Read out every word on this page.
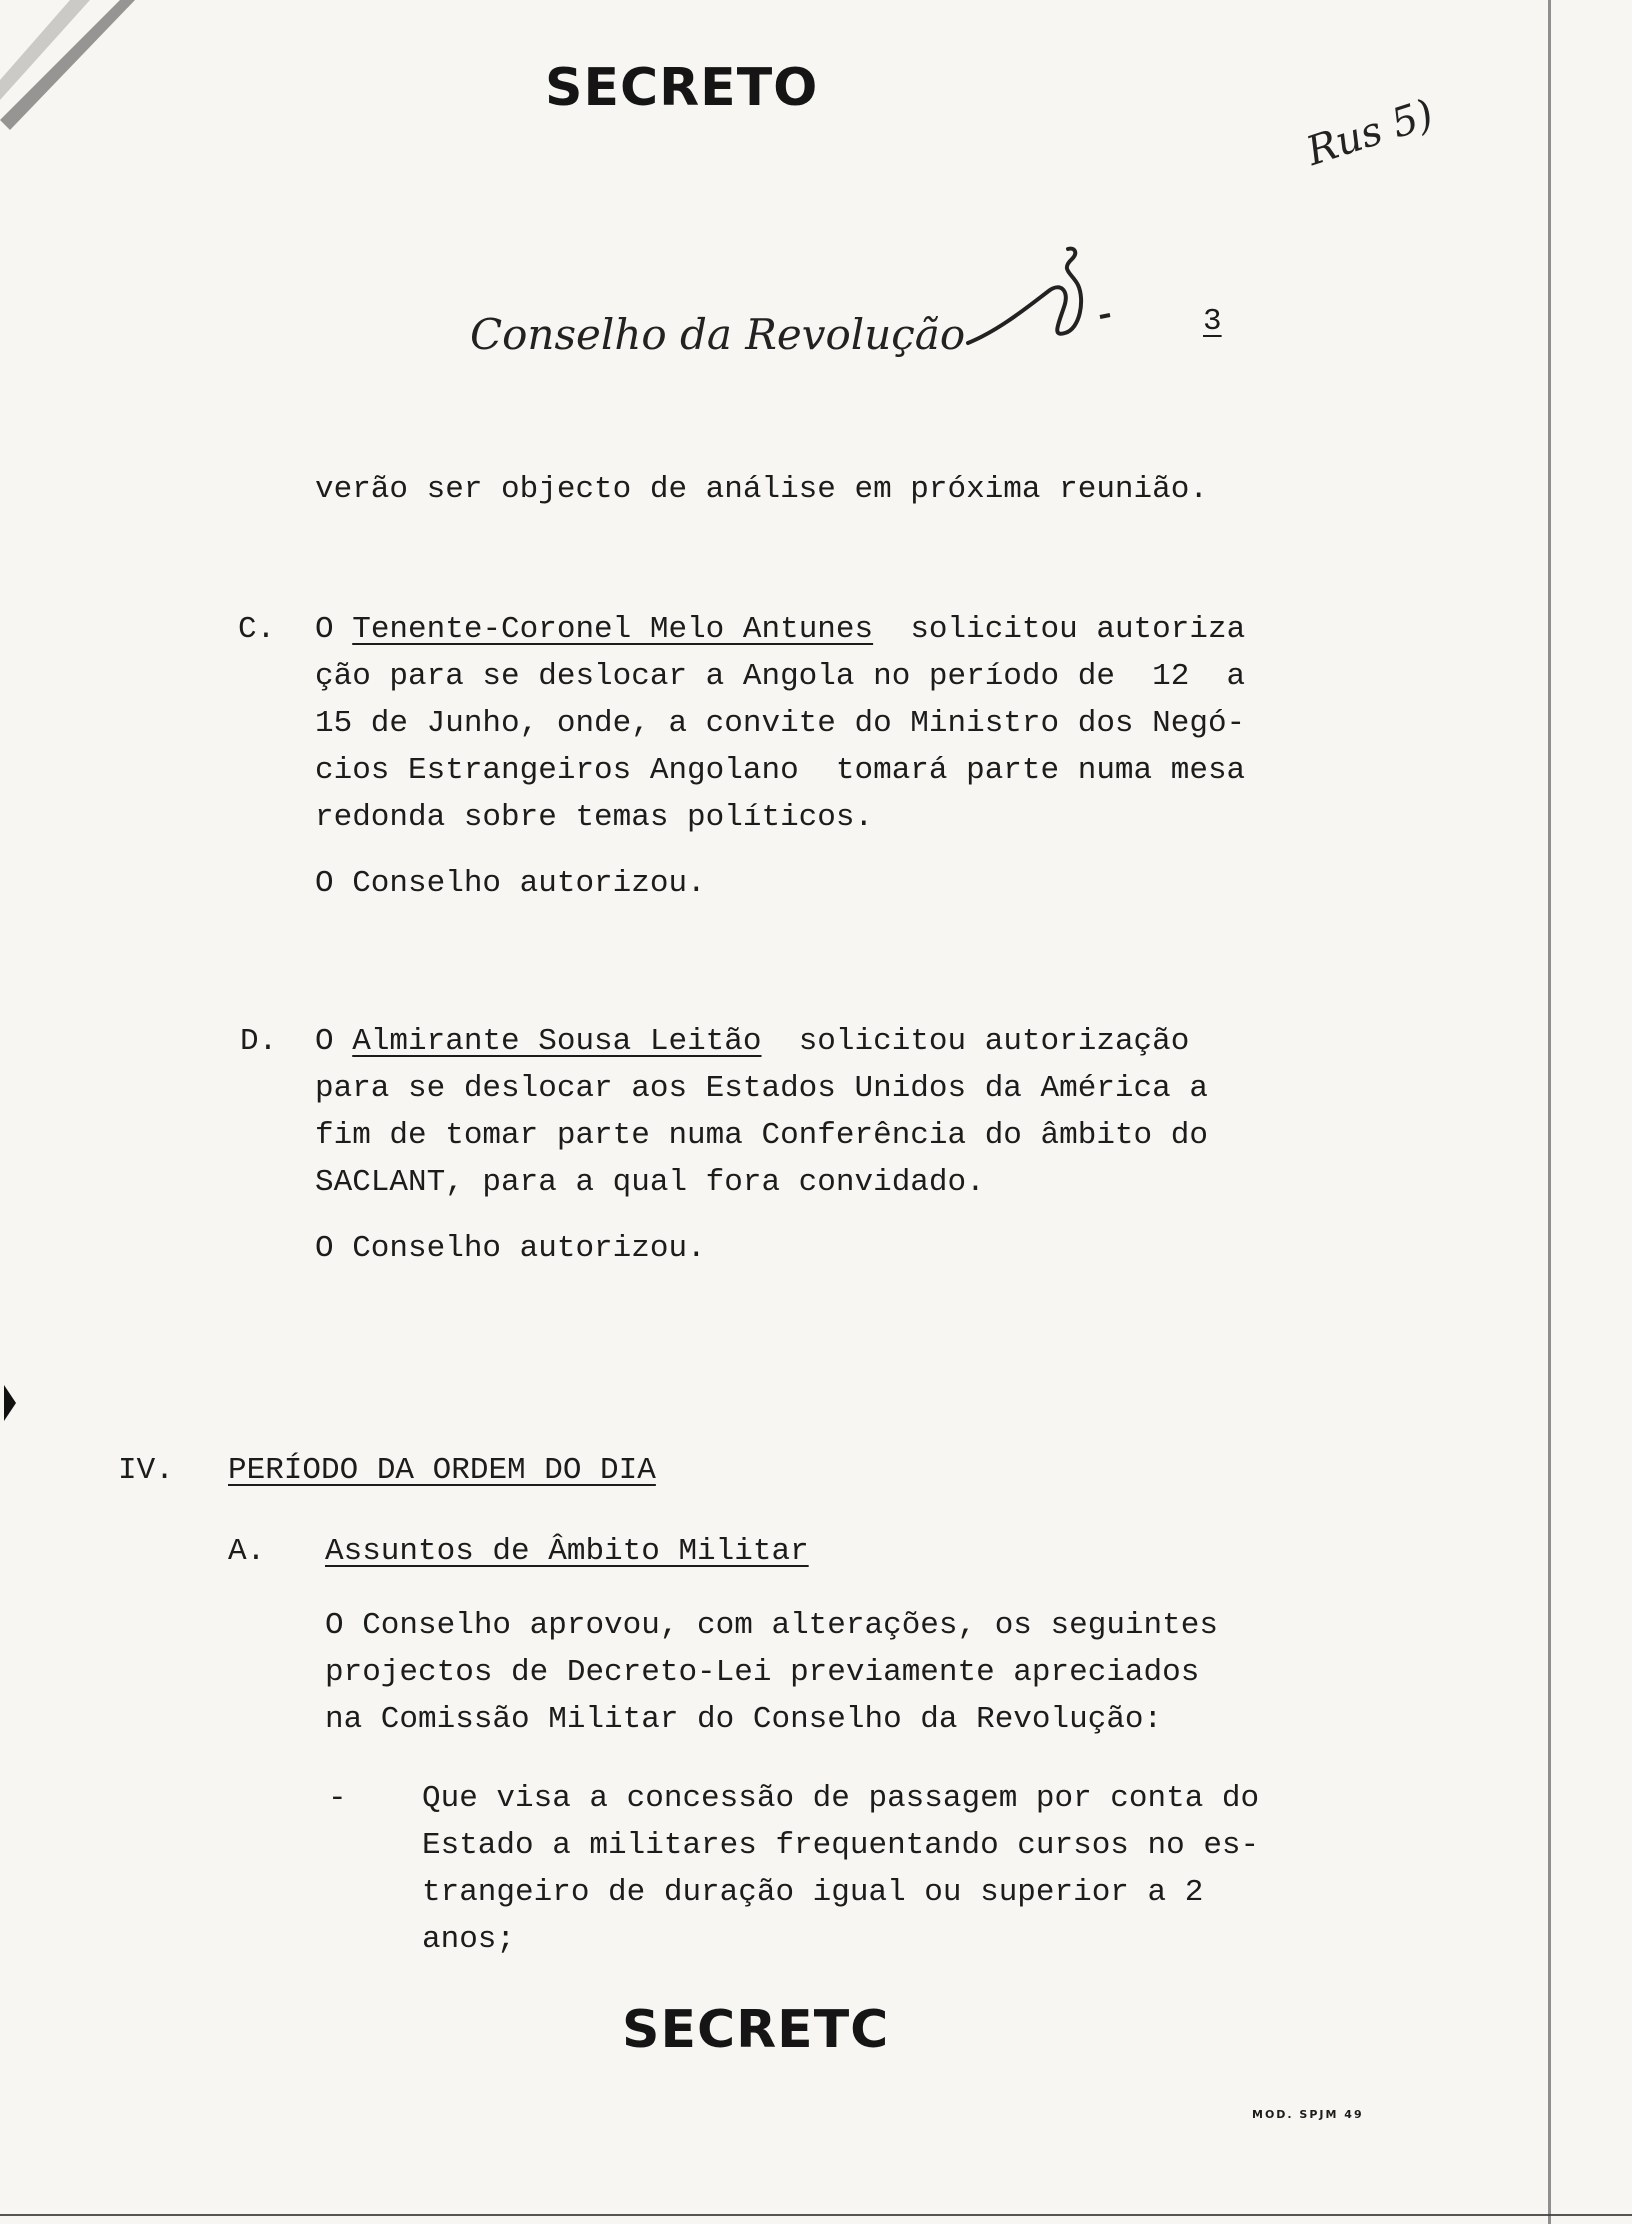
SECRETO
Rus 5)
Conselho da Revolução	3
verão ser objecto de análise em próxima reunião.
C. O Tenente-Coronel Melo Antunes  solicitou autoriza
ção para se deslocar a Angola no período de  12  a
15 de Junho, onde, a convite do Ministro dos Negó-
cios Estrangeiros Angolano  tomará parte numa mesa
redonda sobre temas políticos.
O Conselho autorizou.
D. O Almirante Sousa Leitão  solicitou autorização
para se deslocar aos Estados Unidos da América a
fim de tomar parte numa Conferência do âmbito do
SACLANT, para a qual fora convidado.
O Conselho autorizou.
IV. PERÍODO DA ORDEM DO DIA
A. Assuntos de Âmbito Militar
O Conselho aprovou, com alterações, os seguintes
projectos de Decreto-Lei previamente apreciados
na Comissão Militar do Conselho da Revolução:
- Que visa a concessão de passagem por conta do
Estado a militares frequentando cursos no es-
trangeiro de duração igual ou superior a 2
anos;
SECRETC
MOD. SPJM 49
